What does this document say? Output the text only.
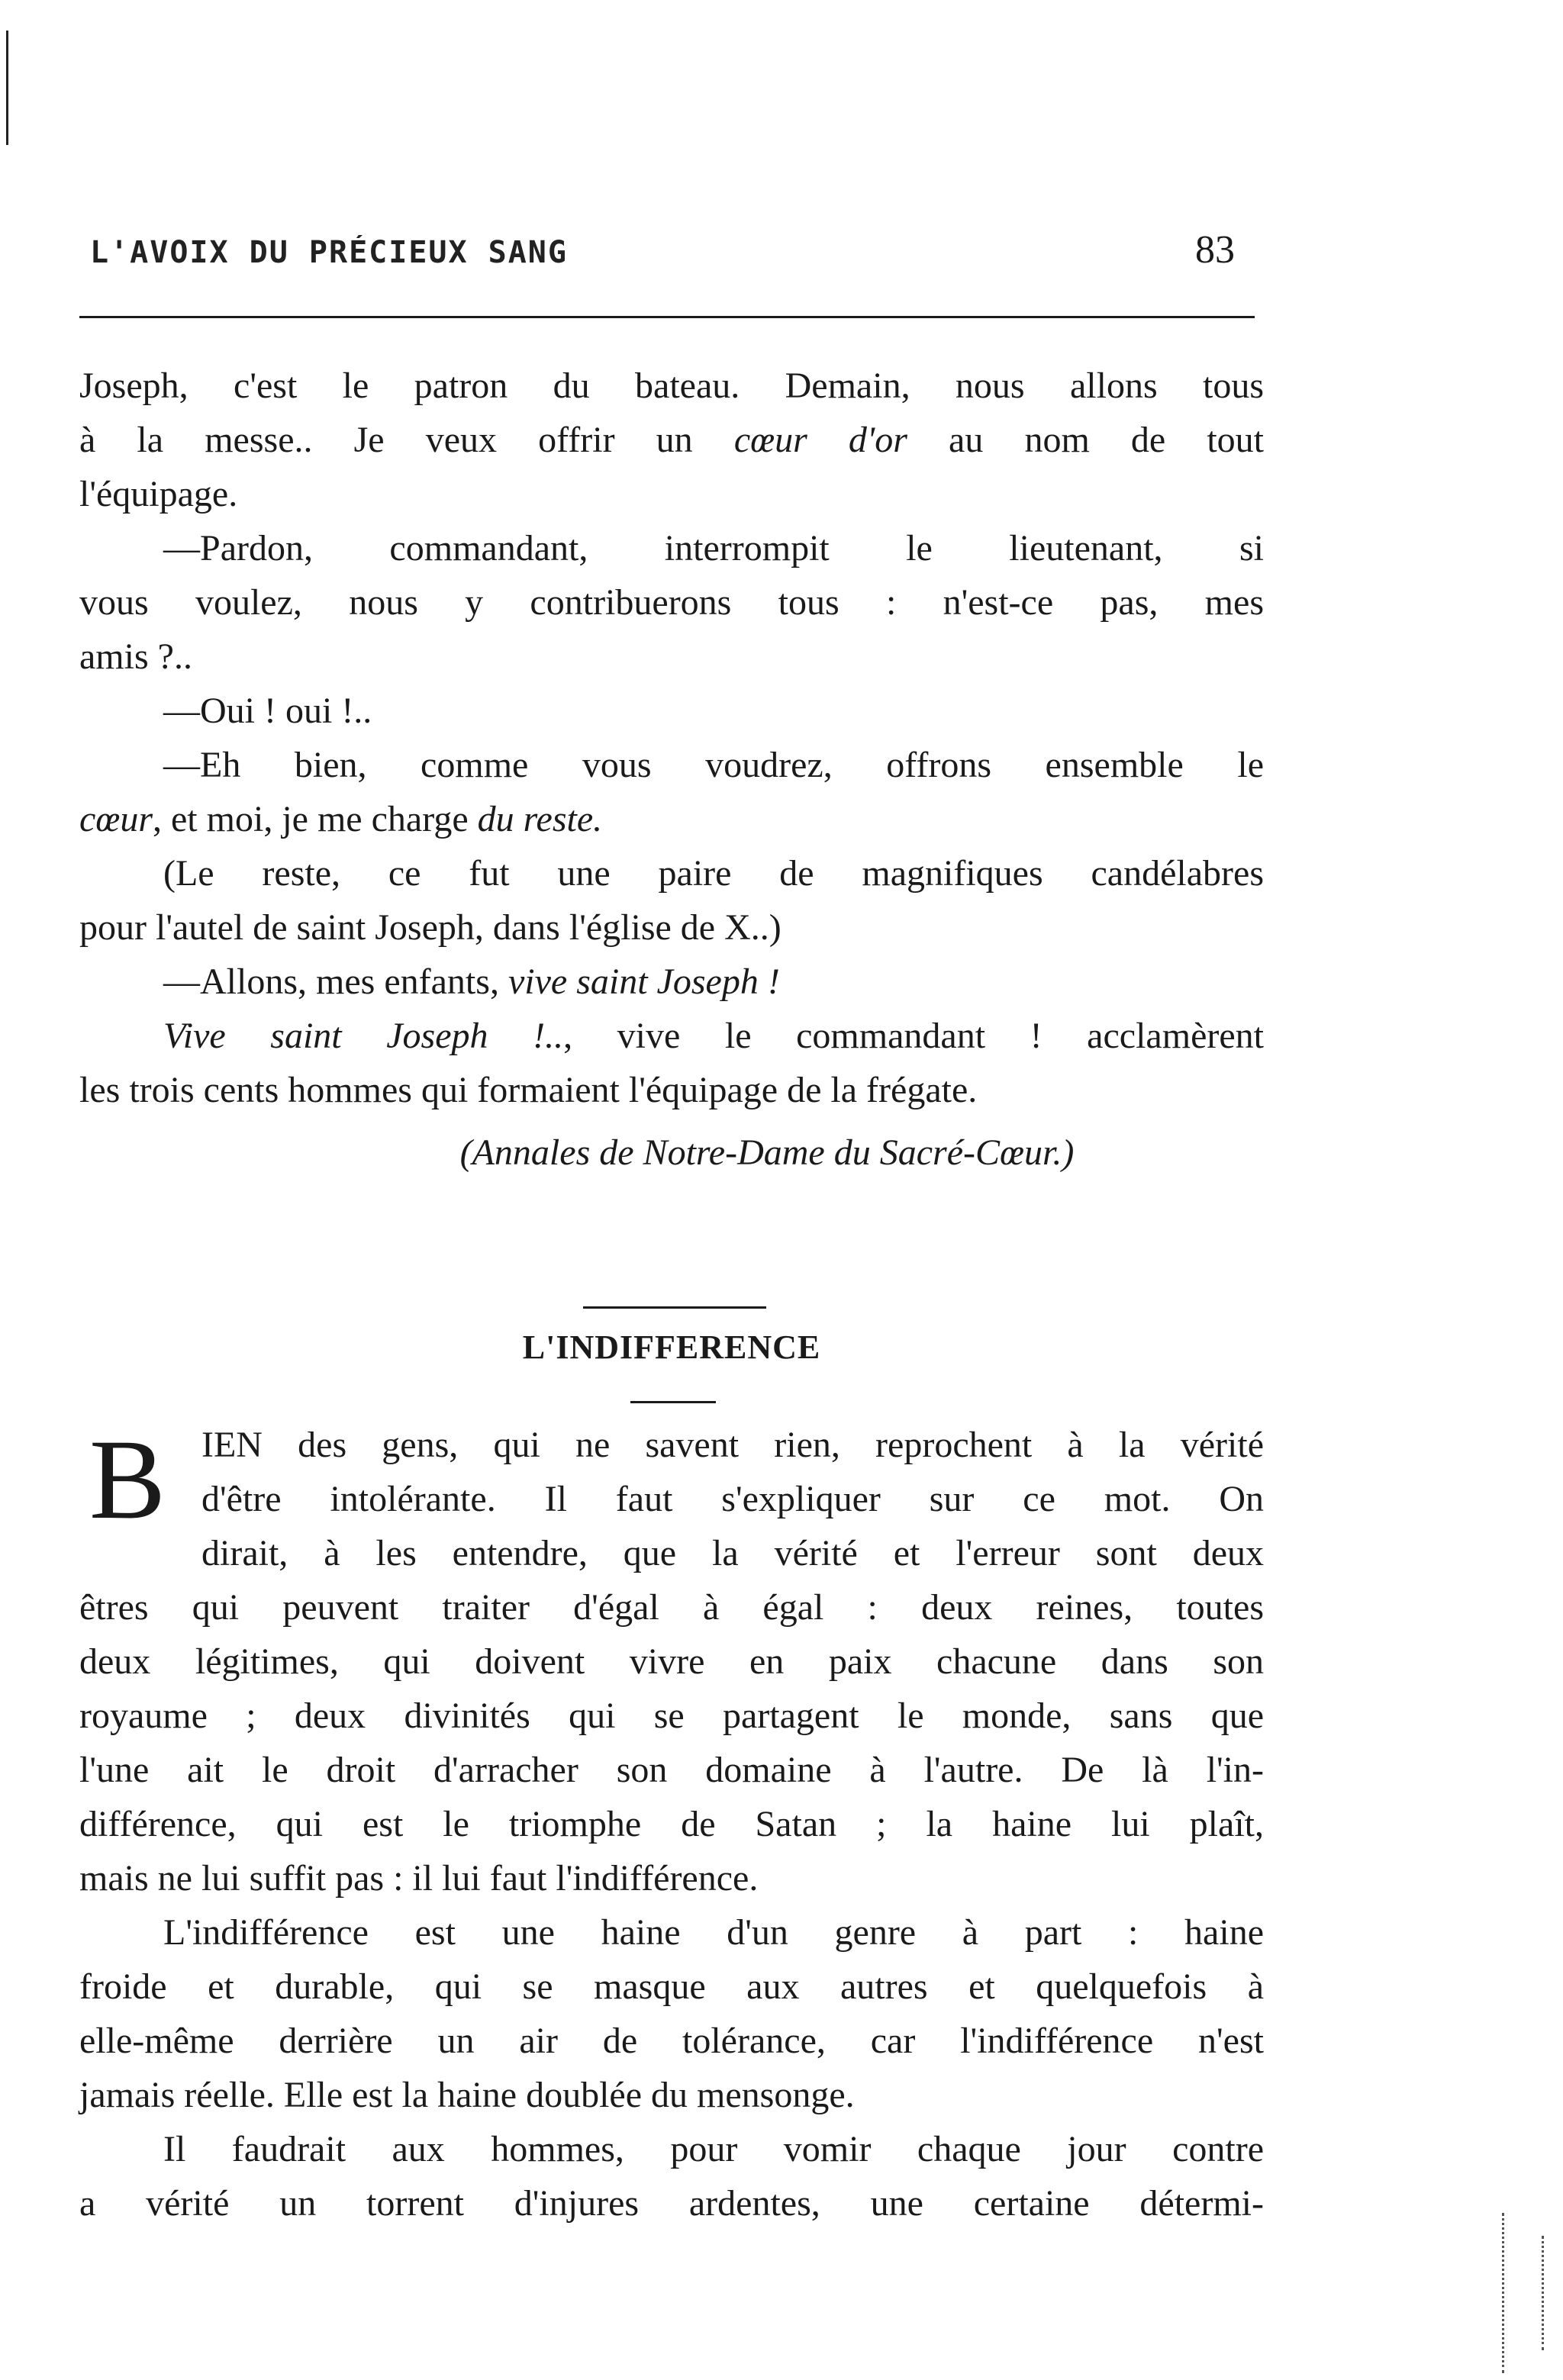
L'AVOIX DU PRÉCIEUX SANG	83
Joseph, c'est le patron du bateau. Demain, nous allons tous
à la messe.. Je veux offrir un cœur d'or au nom de tout
l'équipage.
—Pardon, commandant, interrompit le lieutenant, si
vous voulez, nous y contribuerons tous : n'est-ce pas, mes
amis ?..
—Oui ! oui !..
—Eh bien, comme vous voudrez, offrons ensemble le
cœur, et moi, je me charge du reste.
(Le reste, ce fut une paire de magnifiques candélabres
pour l'autel de saint Joseph, dans l'église de X..)
—Allons, mes enfants, vive saint Joseph !
Vive saint Joseph !.., vive le commandant ! acclamèrent
les trois cents hommes qui formaient l'équipage de la frégate.
(Annales de Notre-Dame du Sacré-Cœur.)
L'INDIFFERENCE
B IEN des gens, qui ne savent rien, reprochent à la vérité
d'être intolérante. Il faut s'expliquer sur ce mot. On
dirait, à les entendre, que la vérité et l'erreur sont deux
êtres qui peuvent traiter d'égal à égal : deux reines, toutes
deux légitimes, qui doivent vivre en paix chacune dans son
royaume ; deux divinités qui se partagent le monde, sans que
l'une ait le droit d'arracher son domaine à l'autre. De là l'in-
différence, qui est le triomphe de Satan ; la haine lui plaît,
mais ne lui suffit pas : il lui faut l'indifférence.
L'indifférence est une haine d'un genre à part : haine
froide et durable, qui se masque aux autres et quelquefois à
elle-même derrière un air de tolérance, car l'indifférence n'est
jamais réelle. Elle est la haine doublée du mensonge.
Il faudrait aux hommes, pour vomir chaque jour contre
a vérité un torrent d'injures ardentes, une certaine détermi-
